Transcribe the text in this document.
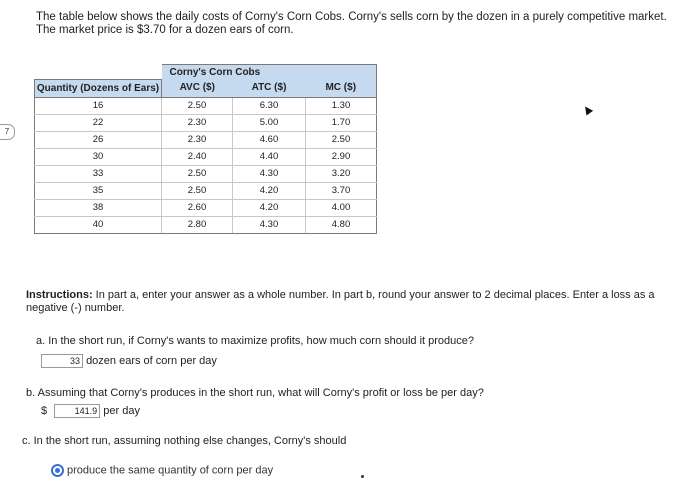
The table below shows the daily costs of Corny's Corn Cobs. Corny's sells corn by the dozen in a purely competitive market. The market price is $3.70 for a dozen ears of corn.
7
▲
	Corny's Corn Cobs		
Quantity (Dozens of Ears)	AVC ($)	ATC ($)	MC ($)
16	2.50	6.30	1.30
22	2.30	5.00	1.70
26	2.30	4.60	2.50
30	2.40	4.40	2.90
33	2.50	4.30	3.20
35	2.50	4.20	3.70
38	2.60	4.20	4.00
40	2.80	4.30	4.80
Instructions: In part a, enter your answer as a whole number. In part b, round your answer to 2 decimal places. Enter a loss as a negative (-) number.
a. In the short run, if Corny's wants to maximize profits, how much corn should it produce?
33 dozen ears of corn per day
b. Assuming that Corny's produces in the short run, what will Corny's profit or loss be per day?
$	141.9 per day
c. In the short run, assuming nothing else changes, Corny's should
produce the same quantity of corn per day
